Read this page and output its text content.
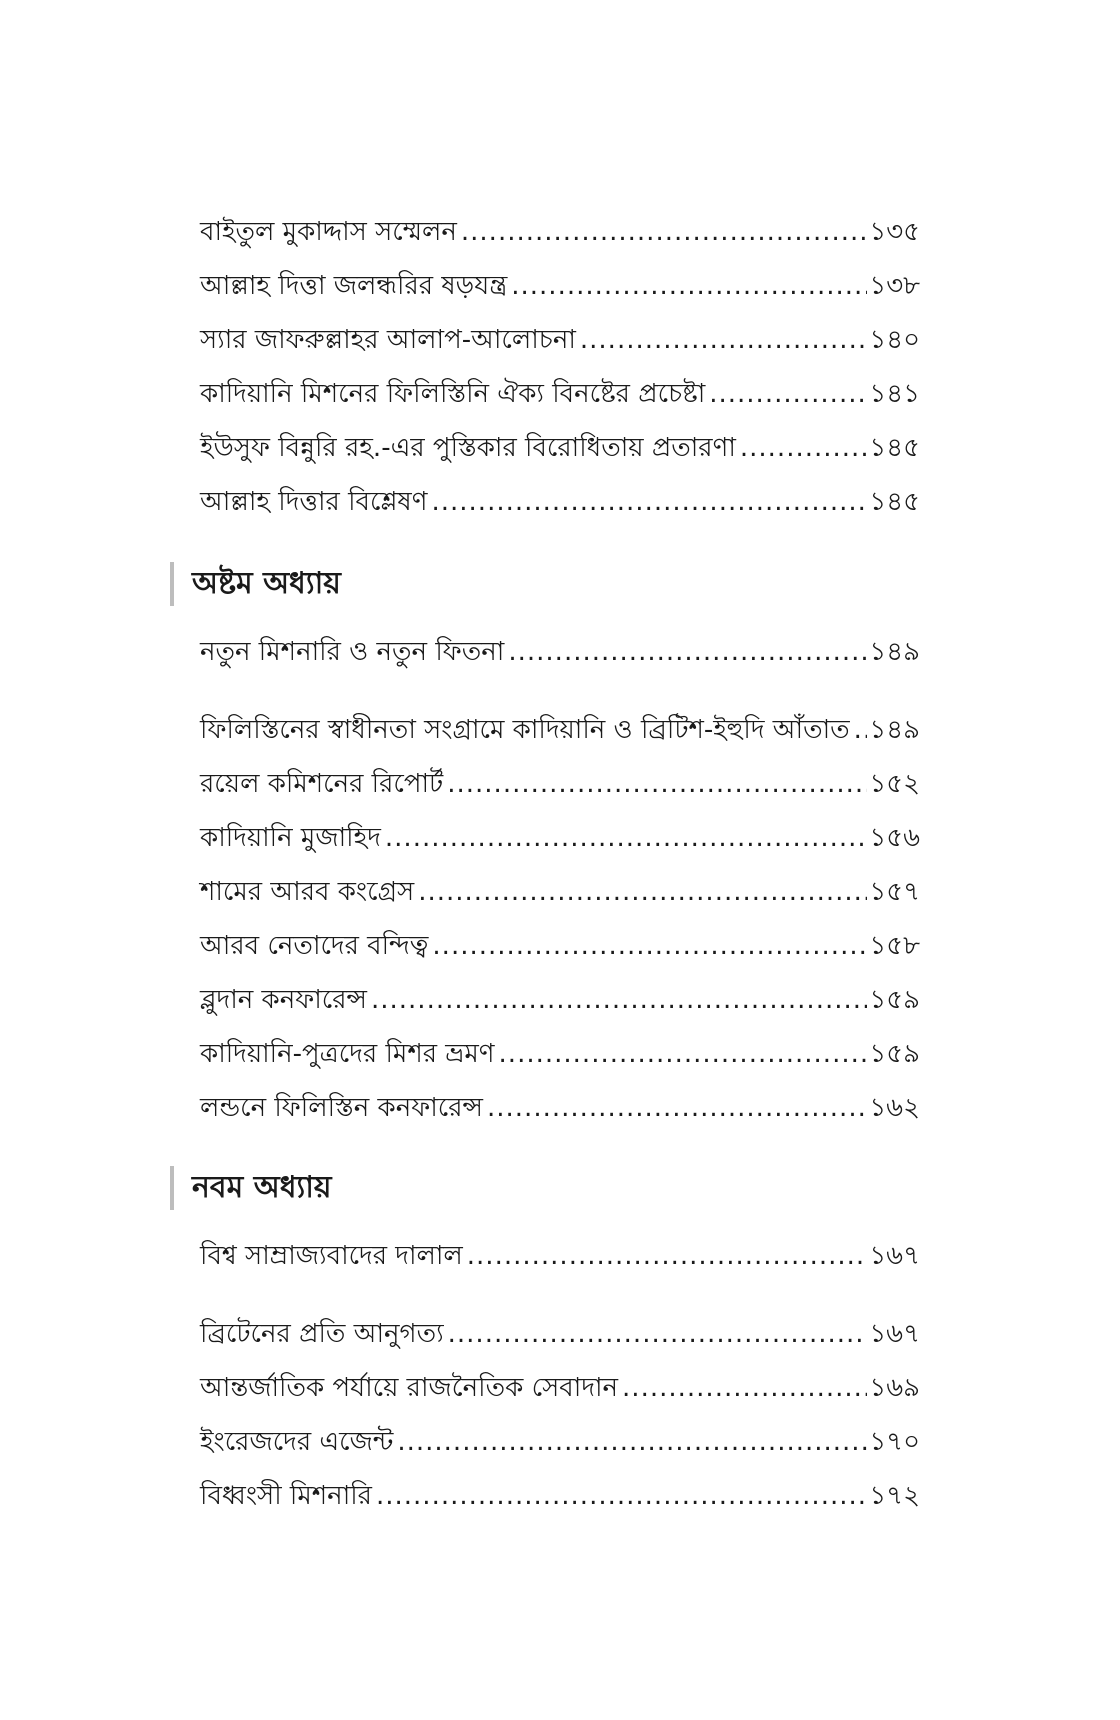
বাইতুল মুকাদ্দাস সম্মেলন .....	১৩৫
আল্লাহ দিত্তা জলন্ধরির ষড়যন্ত্র .....	১৩৮
স্যার জাফরুল্লাহর আলাপ-আলোচনা .....	১৪০
কাদিয়ানি মিশনের ফিলিস্তিনি ঐক্য বিনষ্টের প্রচেষ্টা .....	১৪১
ইউসুফ বিন্নুরি রহ.-এর পুস্তিকার বিরোধিতায় প্রতারণা .....	১৪৫
আল্লাহ দিত্তার বিশ্লেষণ .....	১৪৫
অষ্টম অধ্যায়
নতুন মিশনারি ও নতুন ফিতনা .....	১৪৯
ফিলিস্তিনের স্বাধীনতা সংগ্রামে কাদিয়ানি ও ব্রিটিশ-ইহুদি আঁতাত ..... ১৪৯
রয়েল কমিশনের রিপোর্ট .....	১৫২
কাদিয়ানি মুজাহিদ .....	১৫৬
শামের আরব কংগ্রেস .....	১৫৭
আরব নেতাদের বন্দিত্ব .....	১৫৮
ব্লুদান কনফারেন্স .....	১৫৯
কাদিয়ানি-পুত্রদের মিশর ভ্রমণ .....	১৫৯
লন্ডনে ফিলিস্তিন কনফারেন্স .....	১৬২
নবম অধ্যায়
বিশ্ব সাম্রাজ্যবাদের দালাল .....	১৬৭
ব্রিটেনের প্রতি আনুগত্য .....	১৬৭
আন্তর্জাতিক পর্যায়ে রাজনৈতিক সেবাদান .....	১৬৯
ইংরেজদের এজেন্ট .....	১৭০
বিধ্বংসী মিশনারি .....	১৭২
